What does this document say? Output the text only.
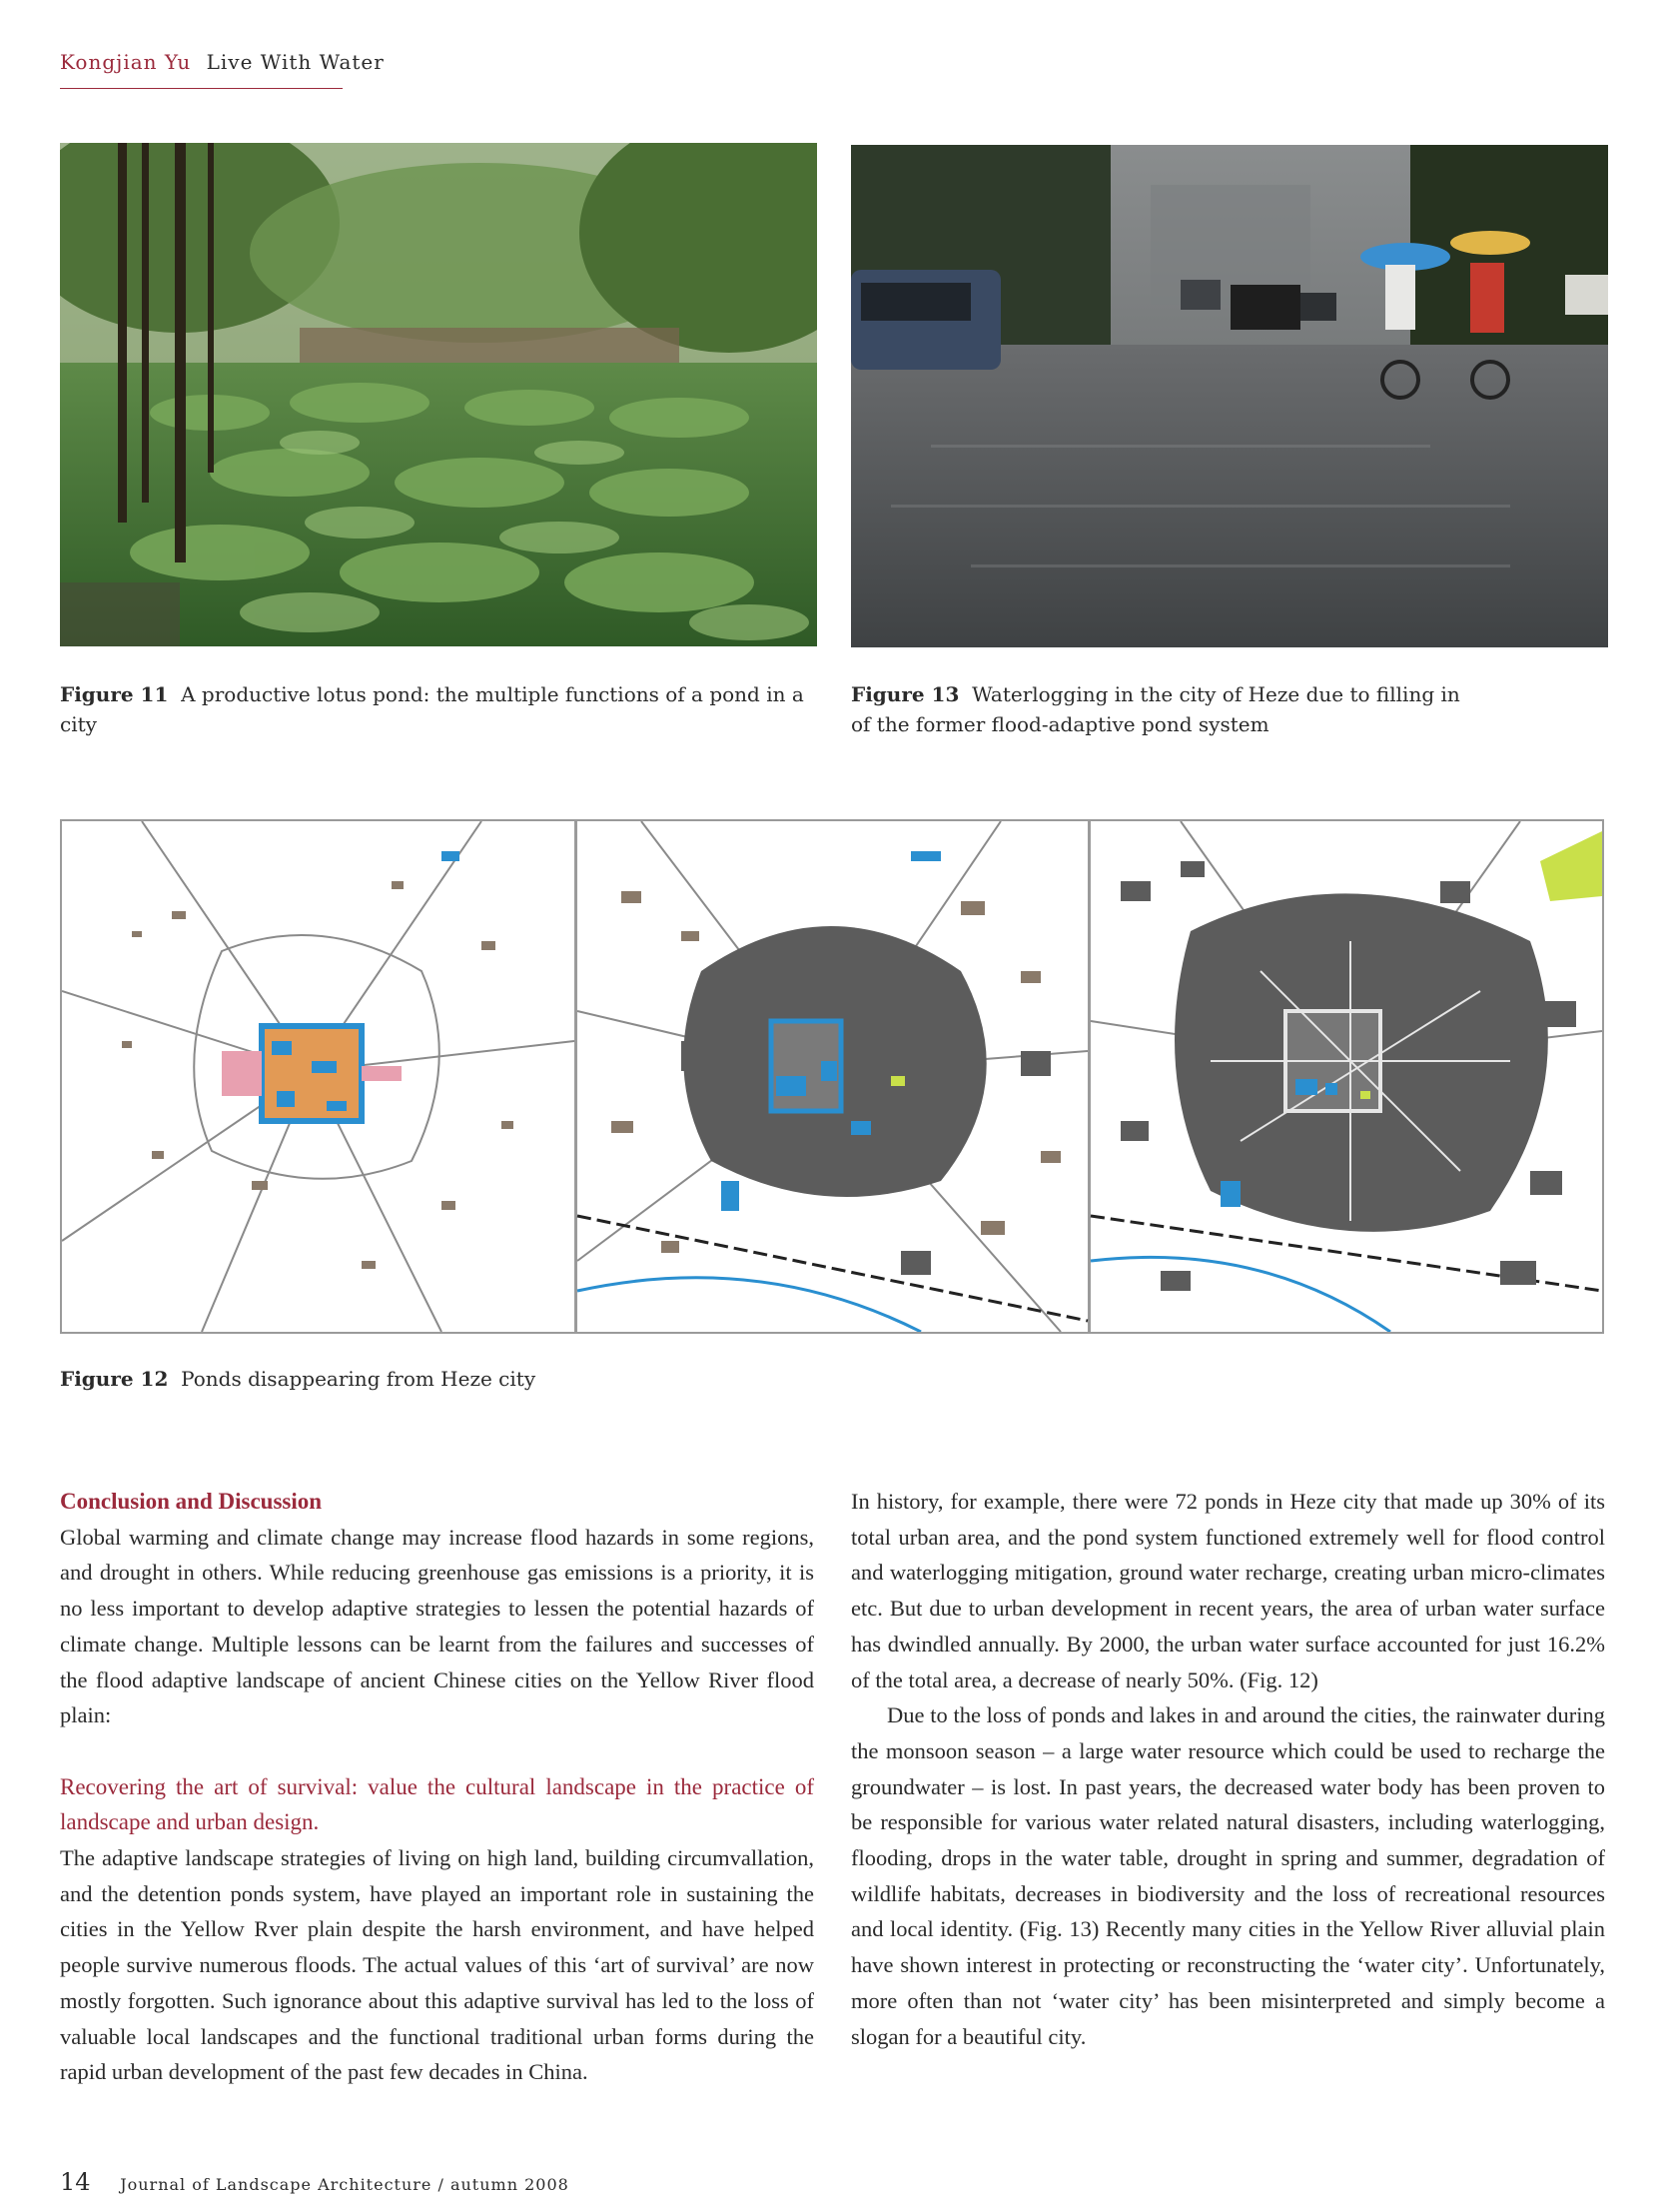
Kongjian Yu Live With Water
Figure 11 A productive lotus pond: the multiple functions of a pond in a city
Figure 13 Waterlogging in the city of Heze due to filling in of the former flood-adaptive pond system
Figure 12 Ponds disappearing from Heze city

Conclusion and Discussion

Global warming and climate change may increase flood hazards in some regions, and drought in others. While reducing greenhouse gas emissions is a priority, it is no less important to develop adaptive strategies to lessen the potential hazards of climate change. Multiple lessons can be learnt from the failures and successes of the flood adaptive landscape of ancient Chinese cities on the Yellow River flood plain:

Recovering the art of survival: value the cultural landscape in the practice of landscape and urban design.

The adaptive landscape strategies of living on high land, building circumvallation, and the detention ponds system, have played an important role in sustaining the cities in the Yellow Rver plain despite the harsh environment, and have helped people survive numerous floods. The actual values of this ‘art of survival’ are now mostly forgotten. Such ignorance about this adaptive survival has led to the loss of valuable local landscapes and the functional traditional urban forms during the rapid urban development of the past few decades in China.

In history, for example, there were 72 ponds in Heze city that made up 30% of its total urban area, and the pond system functioned extremely well for flood control and waterlogging mitigation, ground water recharge, creating urban micro-climates etc. But due to urban development in recent years, the area of urban water surface has dwindled annually. By 2000, the urban water surface accounted for just 16.2% of the total area, a decrease of nearly 50%. (Fig. 12)

Due to the loss of ponds and lakes in and around the cities, the rainwater during the monsoon season – a large water resource which could be used to recharge the groundwater – is lost. In past years, the decreased water body has been proven to be responsible for various water related natural disasters, including waterlogging, flooding, drops in the water table, drought in spring and summer, degradation of wildlife habitats, decreases in biodiversity and the loss of recreational resources and local identity. (Fig. 13) Recently many cities in the Yellow River alluvial plain have shown interest in protecting or reconstructing the ‘water city’. Unfortunately, more often than not ‘water city’ has been misinterpreted and simply become a slogan for a beautiful city.

14 Journal of Landscape Architecture / autumn 2008
